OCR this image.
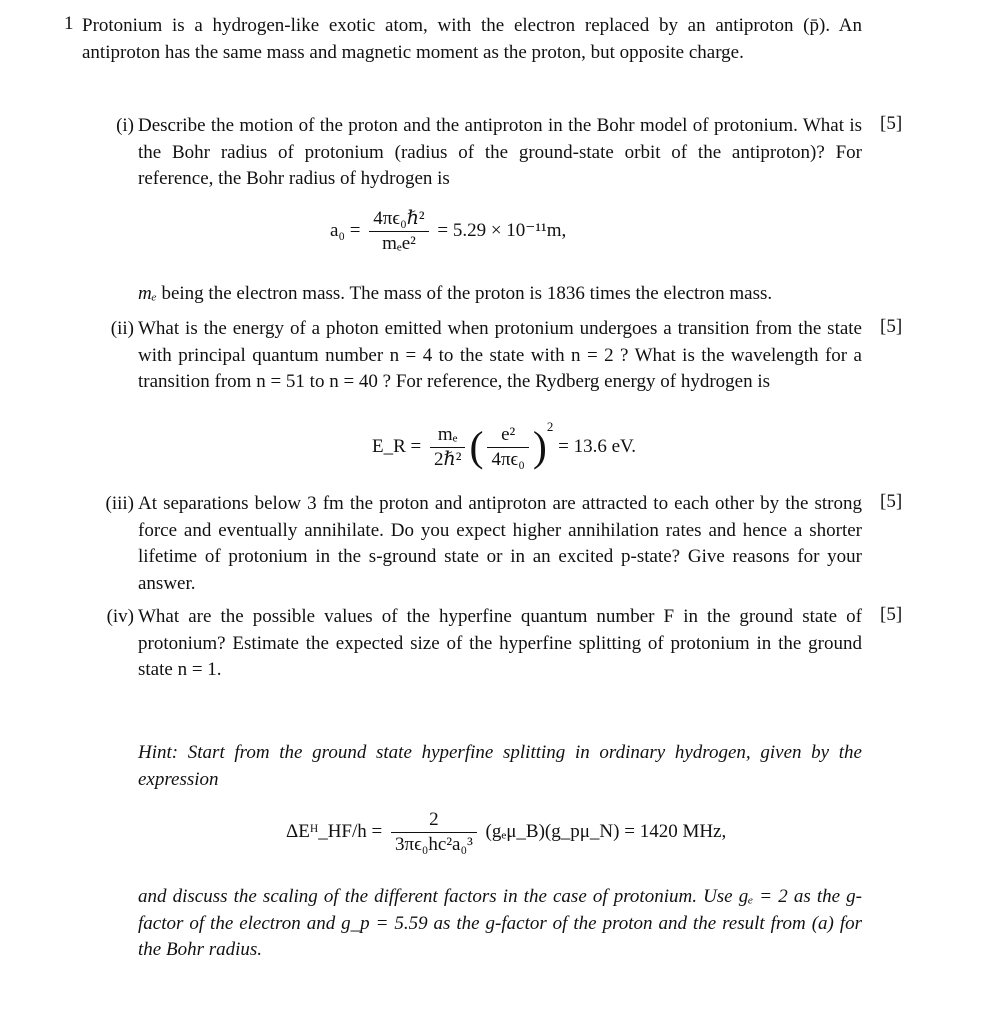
1 Protonium is a hydrogen-like exotic atom, with the electron replaced by an antiproton (p̄). An antiproton has the same mass and magnetic moment as the proton, but opposite charge.
(i) Describe the motion of the proton and the antiproton in the Bohr model of protonium. What is the Bohr radius of protonium (radius of the ground-state orbit of the antiproton)? For reference, the Bohr radius of hydrogen is
[5]
$a_0 = \frac{\text{4πϵ₀ℏ²}}{\text{mₑe²}} = 5.29 \times 10^{-11}m$,
mₑ being the electron mass. The mass of the proton is 1836 times the electron mass.
(ii) What is the energy of a photon emitted when protonium undergoes a transition from the state with principal quantum number n = 4 to the state with n = 2 ? What is the wavelength for a transition from n = 51 to n = 40 ? For reference, the Rydberg energy of hydrogen is
[5]
E_R = $\frac{\text{mₑ}}{\text{2ℏ²}}$ ( $\frac{\text{e²}}{\text{4πϵ₀}} )^2 = 13.6$ eV.
(iii) At separations below 3 fm the proton and antiproton are attracted to each other by the strong force and eventually annihilate. Do you expect higher annihilation rates and hence a shorter lifetime of protonium in the s-ground state or in an excited p-state? Give reasons for your answer.
[5]
(iv) What are the possible values of the hyperfine quantum number F in the ground state of protonium? Estimate the expected size of the hyperfine splitting of protonium in the ground state n = 1.
[5]
Hint: Start from the ground state hyperfine splitting in ordinary hydrogen, given by the expression
ΔEᴴ_HF/h = $\frac{2}{\text{3πϵ₀hc²a₀³}}$ (gₑμ_B)(g_pμ_N) = 1420 MHz,
and discuss the scaling of the different factors in the case of protonium. Use gₑ = 2 as the g-factor of the electron and g_p = 5.59 as the g-factor of the proton and the result from (a) for the Bohr radius.
